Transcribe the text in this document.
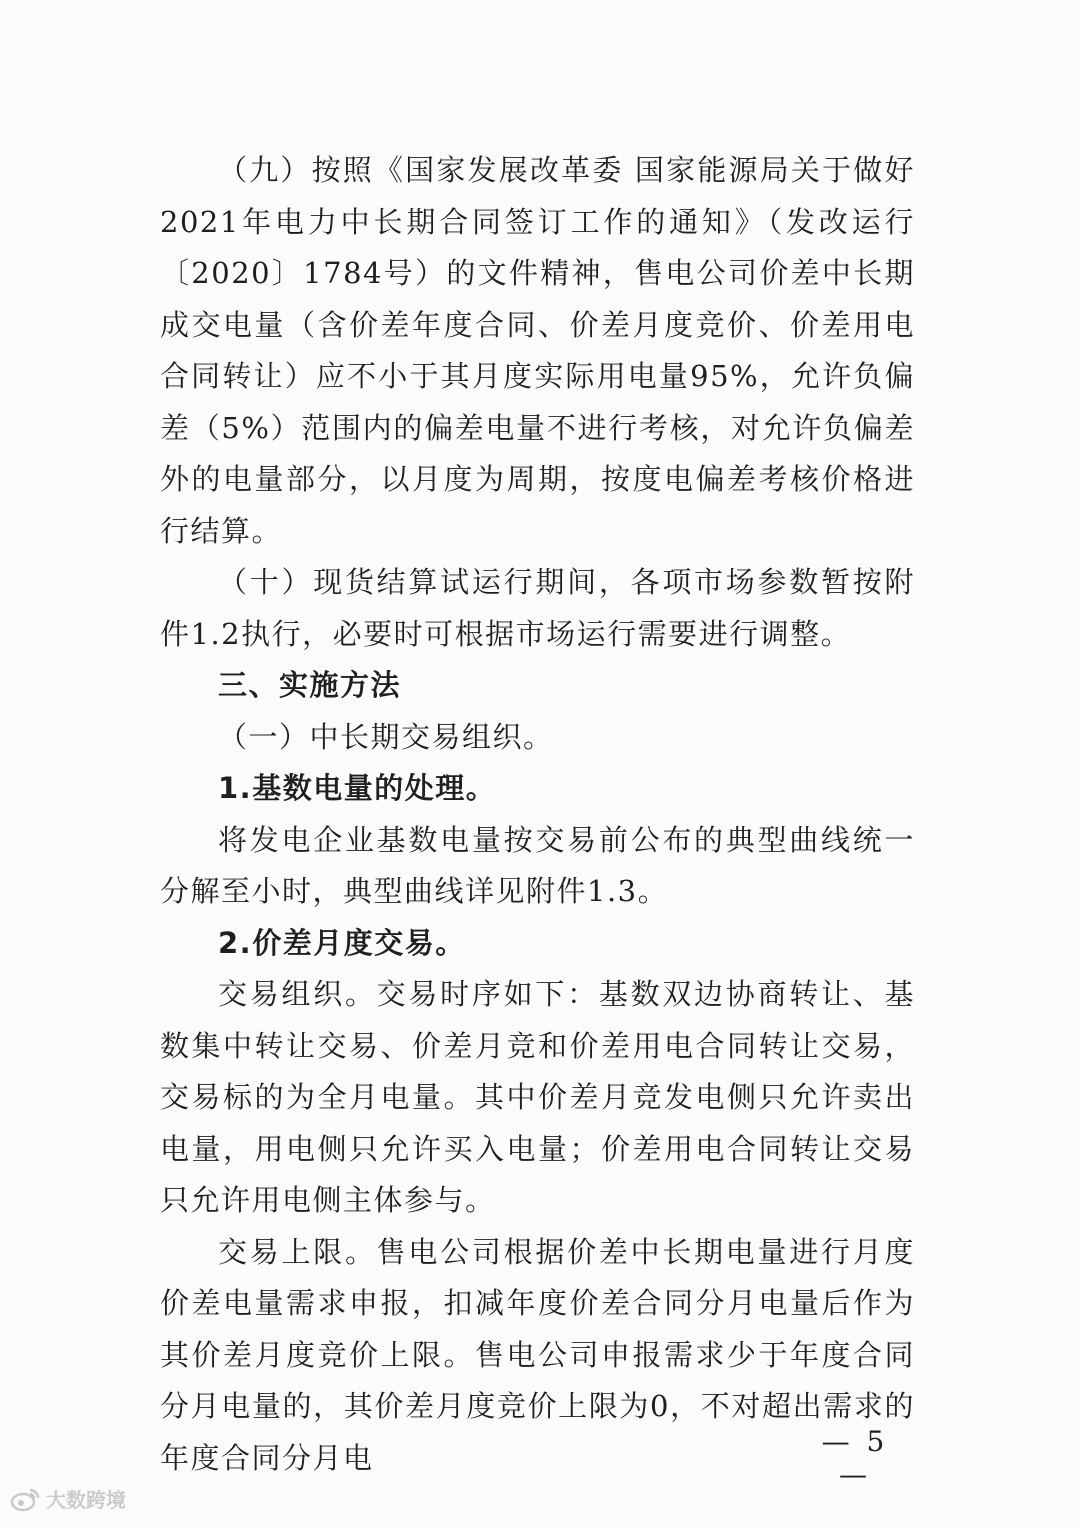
（九）按照《国家发展改革委 国家能源局关于做好2021年电力中长期合同签订工作的通知》（发改运行〔2020〕1784号）的文件精神，售电公司价差中长期成交电量（含价差年度合同、价差月度竞价、价差用电合同转让）应不小于其月度实际用电量95%，允许负偏差（5%）范围内的偏差电量不进行考核，对允许负偏差外的电量部分，以月度为周期，按度电偏差考核价格进行结算。

（十）现货结算试运行期间，各项市场参数暂按附件1.2执行，必要时可根据市场运行需要进行调整。

三、实施方法

（一）中长期交易组织。

1.基数电量的处理。

将发电企业基数电量按交易前公布的典型曲线统一分解至小时，典型曲线详见附件1.3。

2.价差月度交易。

交易组织。交易时序如下：基数双边协商转让、基数集中转让交易、价差月竞和价差用电合同转让交易，交易标的为全月电量。其中价差月竞发电侧只允许卖出电量，用电侧只允许买入电量；价差用电合同转让交易只允许用电侧主体参与。

交易上限。售电公司根据价差中长期电量进行月度价差电量需求申报，扣减年度价差合同分月电量后作为其价差月度竞价上限。售电公司申报需求少于年度合同分月电量的，其价差月度竞价上限为0，不对超出需求的年度合同分月电	— 5 —
大数跨境
